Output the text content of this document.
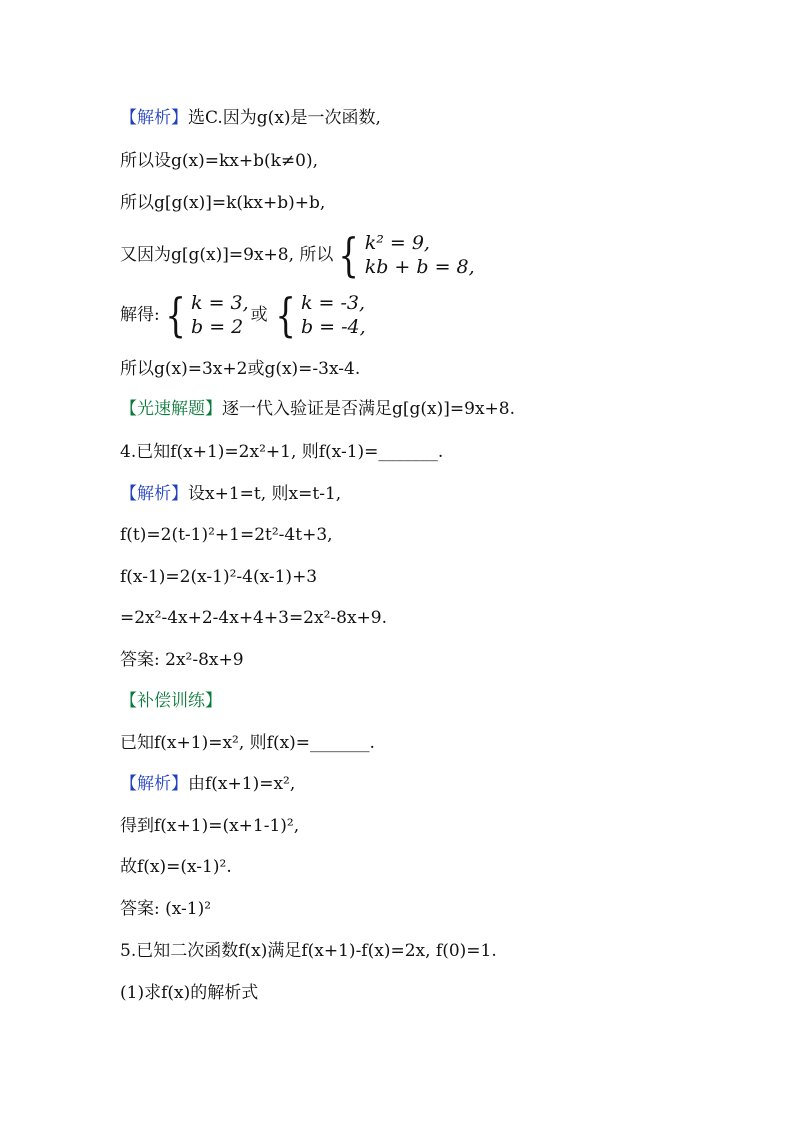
【解析】选C.因为g(x)是一次函数,
所以设g(x)=kx+b(k≠0),
所以g[g(x)]=k(kx+b)+b,
又因为g[g(x)]=9x+8, 所以 { k² = 9,
kb + b = 8,
解得: { k = 3,
b = 2
或 { k = -3,
b = -4,
所以g(x)=3x+2或g(x)=-3x-4.
【光速解题】逐一代入验证是否满足g[g(x)]=9x+8.
4.已知f(x+1)=2x²+1, 则f(x-1)=_______.
【解析】设x+1=t, 则x=t-1,
f(t)=2(t-1)²+1=2t²-4t+3,
f(x-1)=2(x-1)²-4(x-1)+3
=2x²-4x+2-4x+4+3=2x²-8x+9.
答案: 2x²-8x+9
【补偿训练】
已知f(x+1)=x², 则f(x)=_______.
【解析】由f(x+1)=x²,
得到f(x+1)=(x+1-1)²,
故f(x)=(x-1)².
答案: (x-1)²
5.已知二次函数f(x)满足f(x+1)-f(x)=2x, f(0)=1.
(1)求f(x)的解析式
